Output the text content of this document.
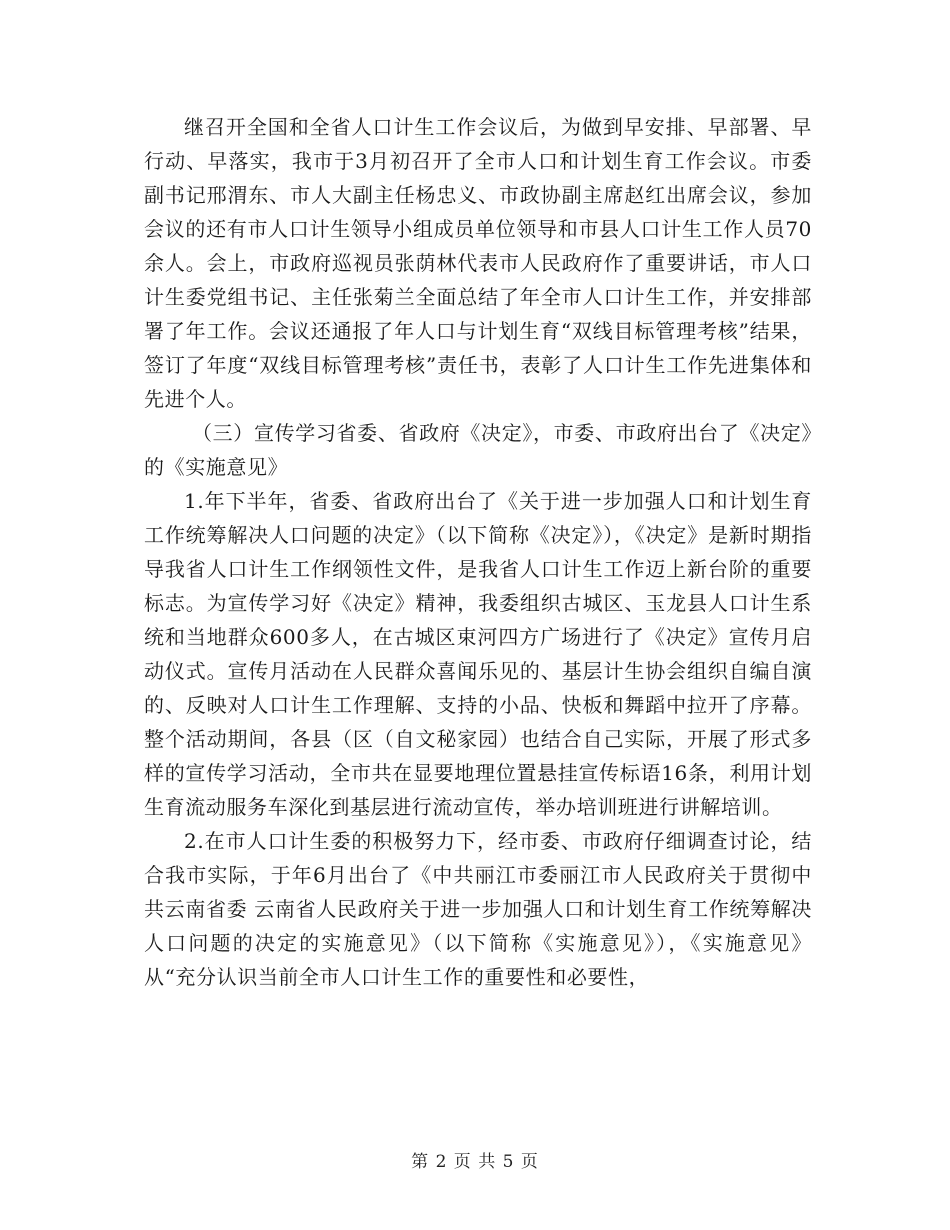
继召开全国和全省人口计生工作会议后，为做到早安排、早部署、早行动、早落实，我市于3月初召开了全市人口和计划生育工作会议。市委副书记邢渭东、市人大副主任杨忠义、市政协副主席赵红出席会议，参加会议的还有市人口计生领导小组成员单位领导和市县人口计生工作人员70余人。会上，市政府巡视员张荫林代表市人民政府作了重要讲话，市人口计生委党组书记、主任张菊兰全面总结了年全市人口计生工作，并安排部署了年工作。会议还通报了年人口与计划生育“双线目标管理考核”结果，签订了年度“双线目标管理考核”责任书，表彰了人口计生工作先进集体和先进个人。

（三）宣传学习省委、省政府《决定》，市委、市政府出台了《决定》的《实施意见》

1.年下半年，省委、省政府出台了《关于进一步加强人口和计划生育工作统筹解决人口问题的决定》（以下简称《决定》），《决定》是新时期指导我省人口计生工作纲领性文件，是我省人口计生工作迈上新台阶的重要标志。为宣传学习好《决定》精神，我委组织古城区、玉龙县人口计生系统和当地群众600多人，在古城区束河四方广场进行了《决定》宣传月启动仪式。宣传月活动在人民群众喜闻乐见的、基层计生协会组织自编自演的、反映对人口计生工作理解、支持的小品、快板和舞蹈中拉开了序幕。整个活动期间，各县（区（自文秘家园）也结合自己实际，开展了形式多样的宣传学习活动，全市共在显要地理位置悬挂宣传标语16条，利用计划生育流动服务车深化到基层进行流动宣传，举办培训班进行讲解培训。

2.在市人口计生委的积极努力下，经市委、市政府仔细调查讨论，结合我市实际，于年6月出台了《中共丽江市委丽江市人民政府关于贯彻中共云南省委 云南省人民政府关于进一步加强人口和计划生育工作统筹解决人口问题的决定的实施意见》（以下简称《实施意见》），《实施意见》从“充分认识当前全市人口计生工作的重要性和必要性，

第 2 页 共 5 页
